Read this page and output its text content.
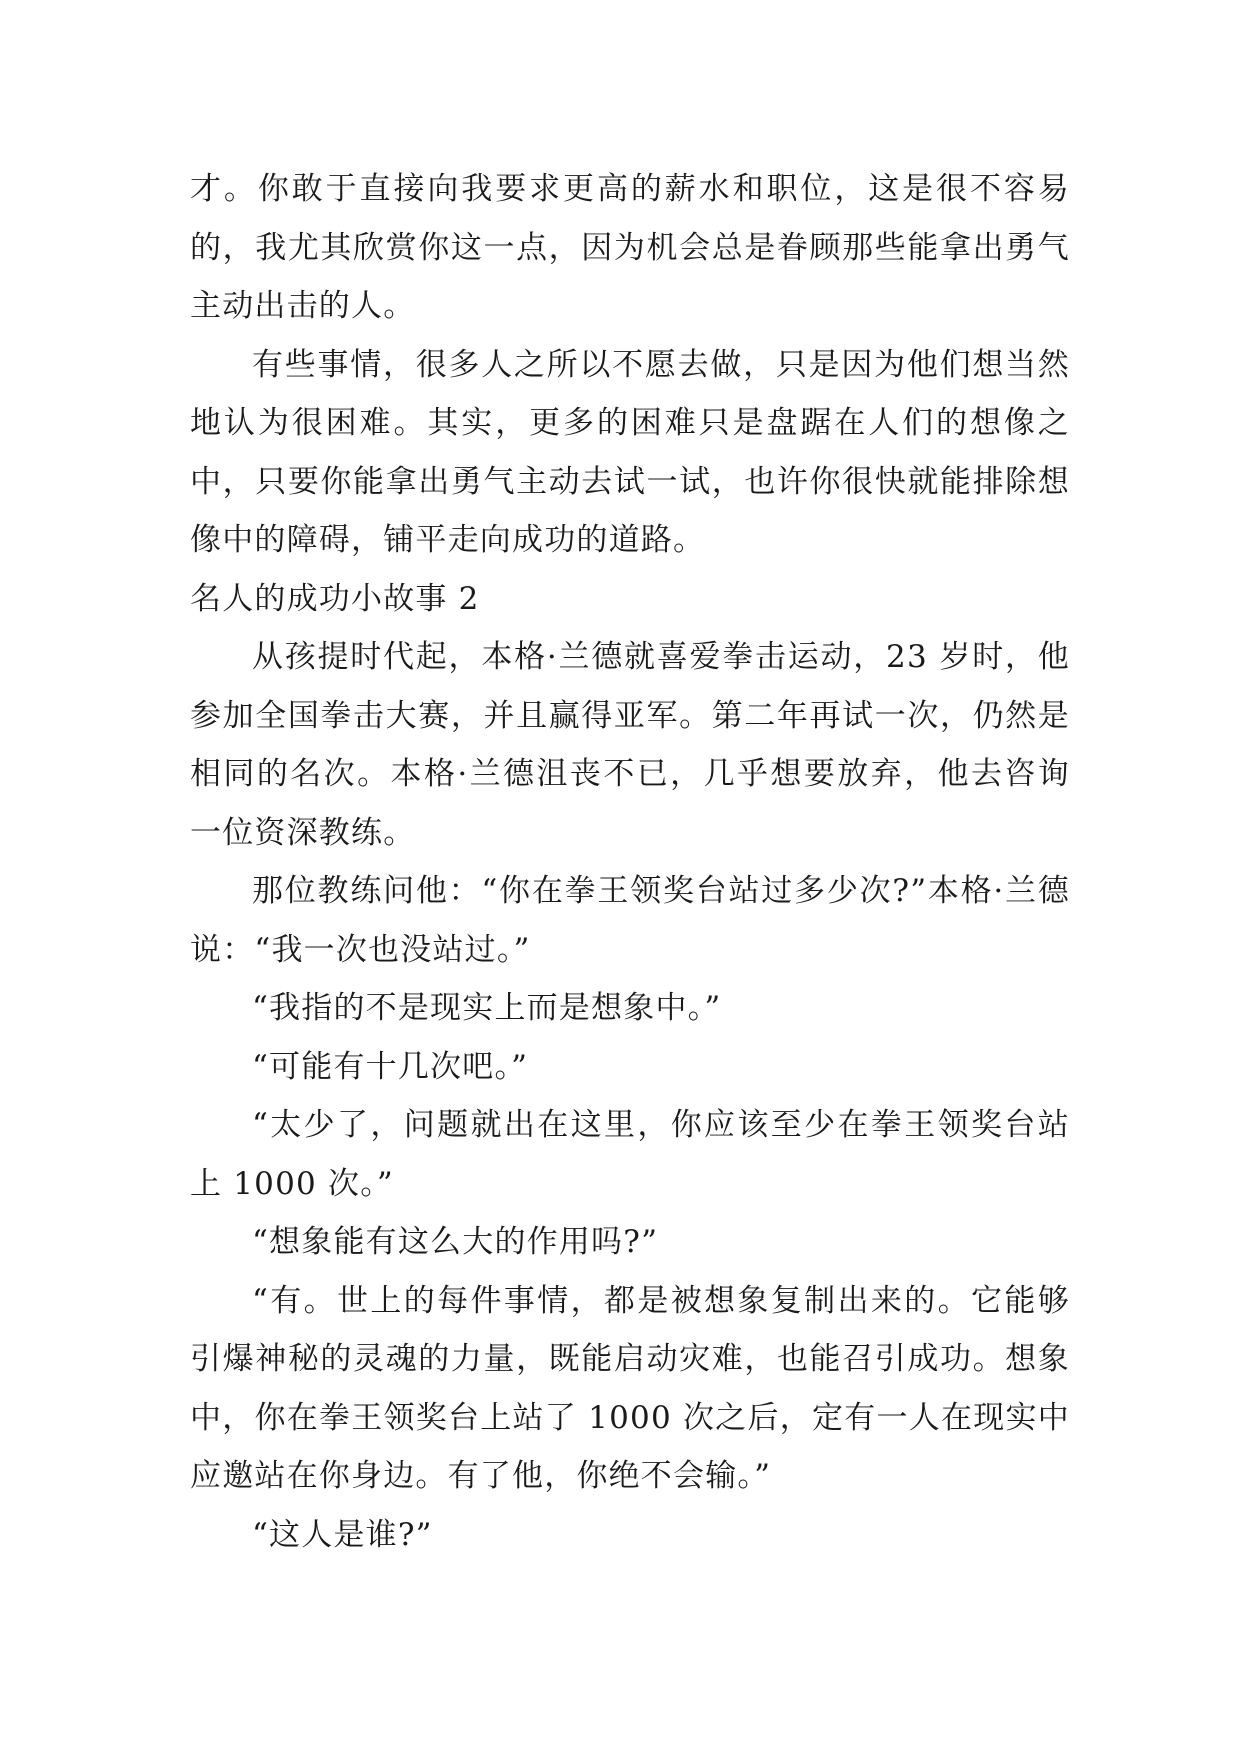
才。你敢于直接向我要求更高的薪水和职位，这是很不容易的，我尤其欣赏你这一点，因为机会总是眷顾那些能拿出勇气主动出击的人。

有些事情，很多人之所以不愿去做，只是因为他们想当然地认为很困难。其实，更多的困难只是盘踞在人们的想像之中，只要你能拿出勇气主动去试一试，也许你很快就能排除想像中的障碍，铺平走向成功的道路。

名人的成功小故事 2

从孩提时代起，本格·兰德就喜爱拳击运动，23 岁时，他参加全国拳击大赛，并且赢得亚军。第二年再试一次，仍然是相同的名次。本格·兰德沮丧不已，几乎想要放弃，他去咨询一位资深教练。

那位教练问他：“你在拳王领奖台站过多少次?”本格·兰德说：“我一次也没站过。”

“我指的不是现实上而是想象中。”

“可能有十几次吧。”

“太少了，问题就出在这里，你应该至少在拳王领奖台站上 1000 次。”

“想象能有这么大的作用吗?”

“有。世上的每件事情，都是被想象复制出来的。它能够引爆神秘的灵魂的力量，既能启动灾难，也能召引成功。想象中，你在拳王领奖台上站了 1000 次之后，定有一人在现实中应邀站在你身边。有了他，你绝不会输。”

“这人是谁?”
